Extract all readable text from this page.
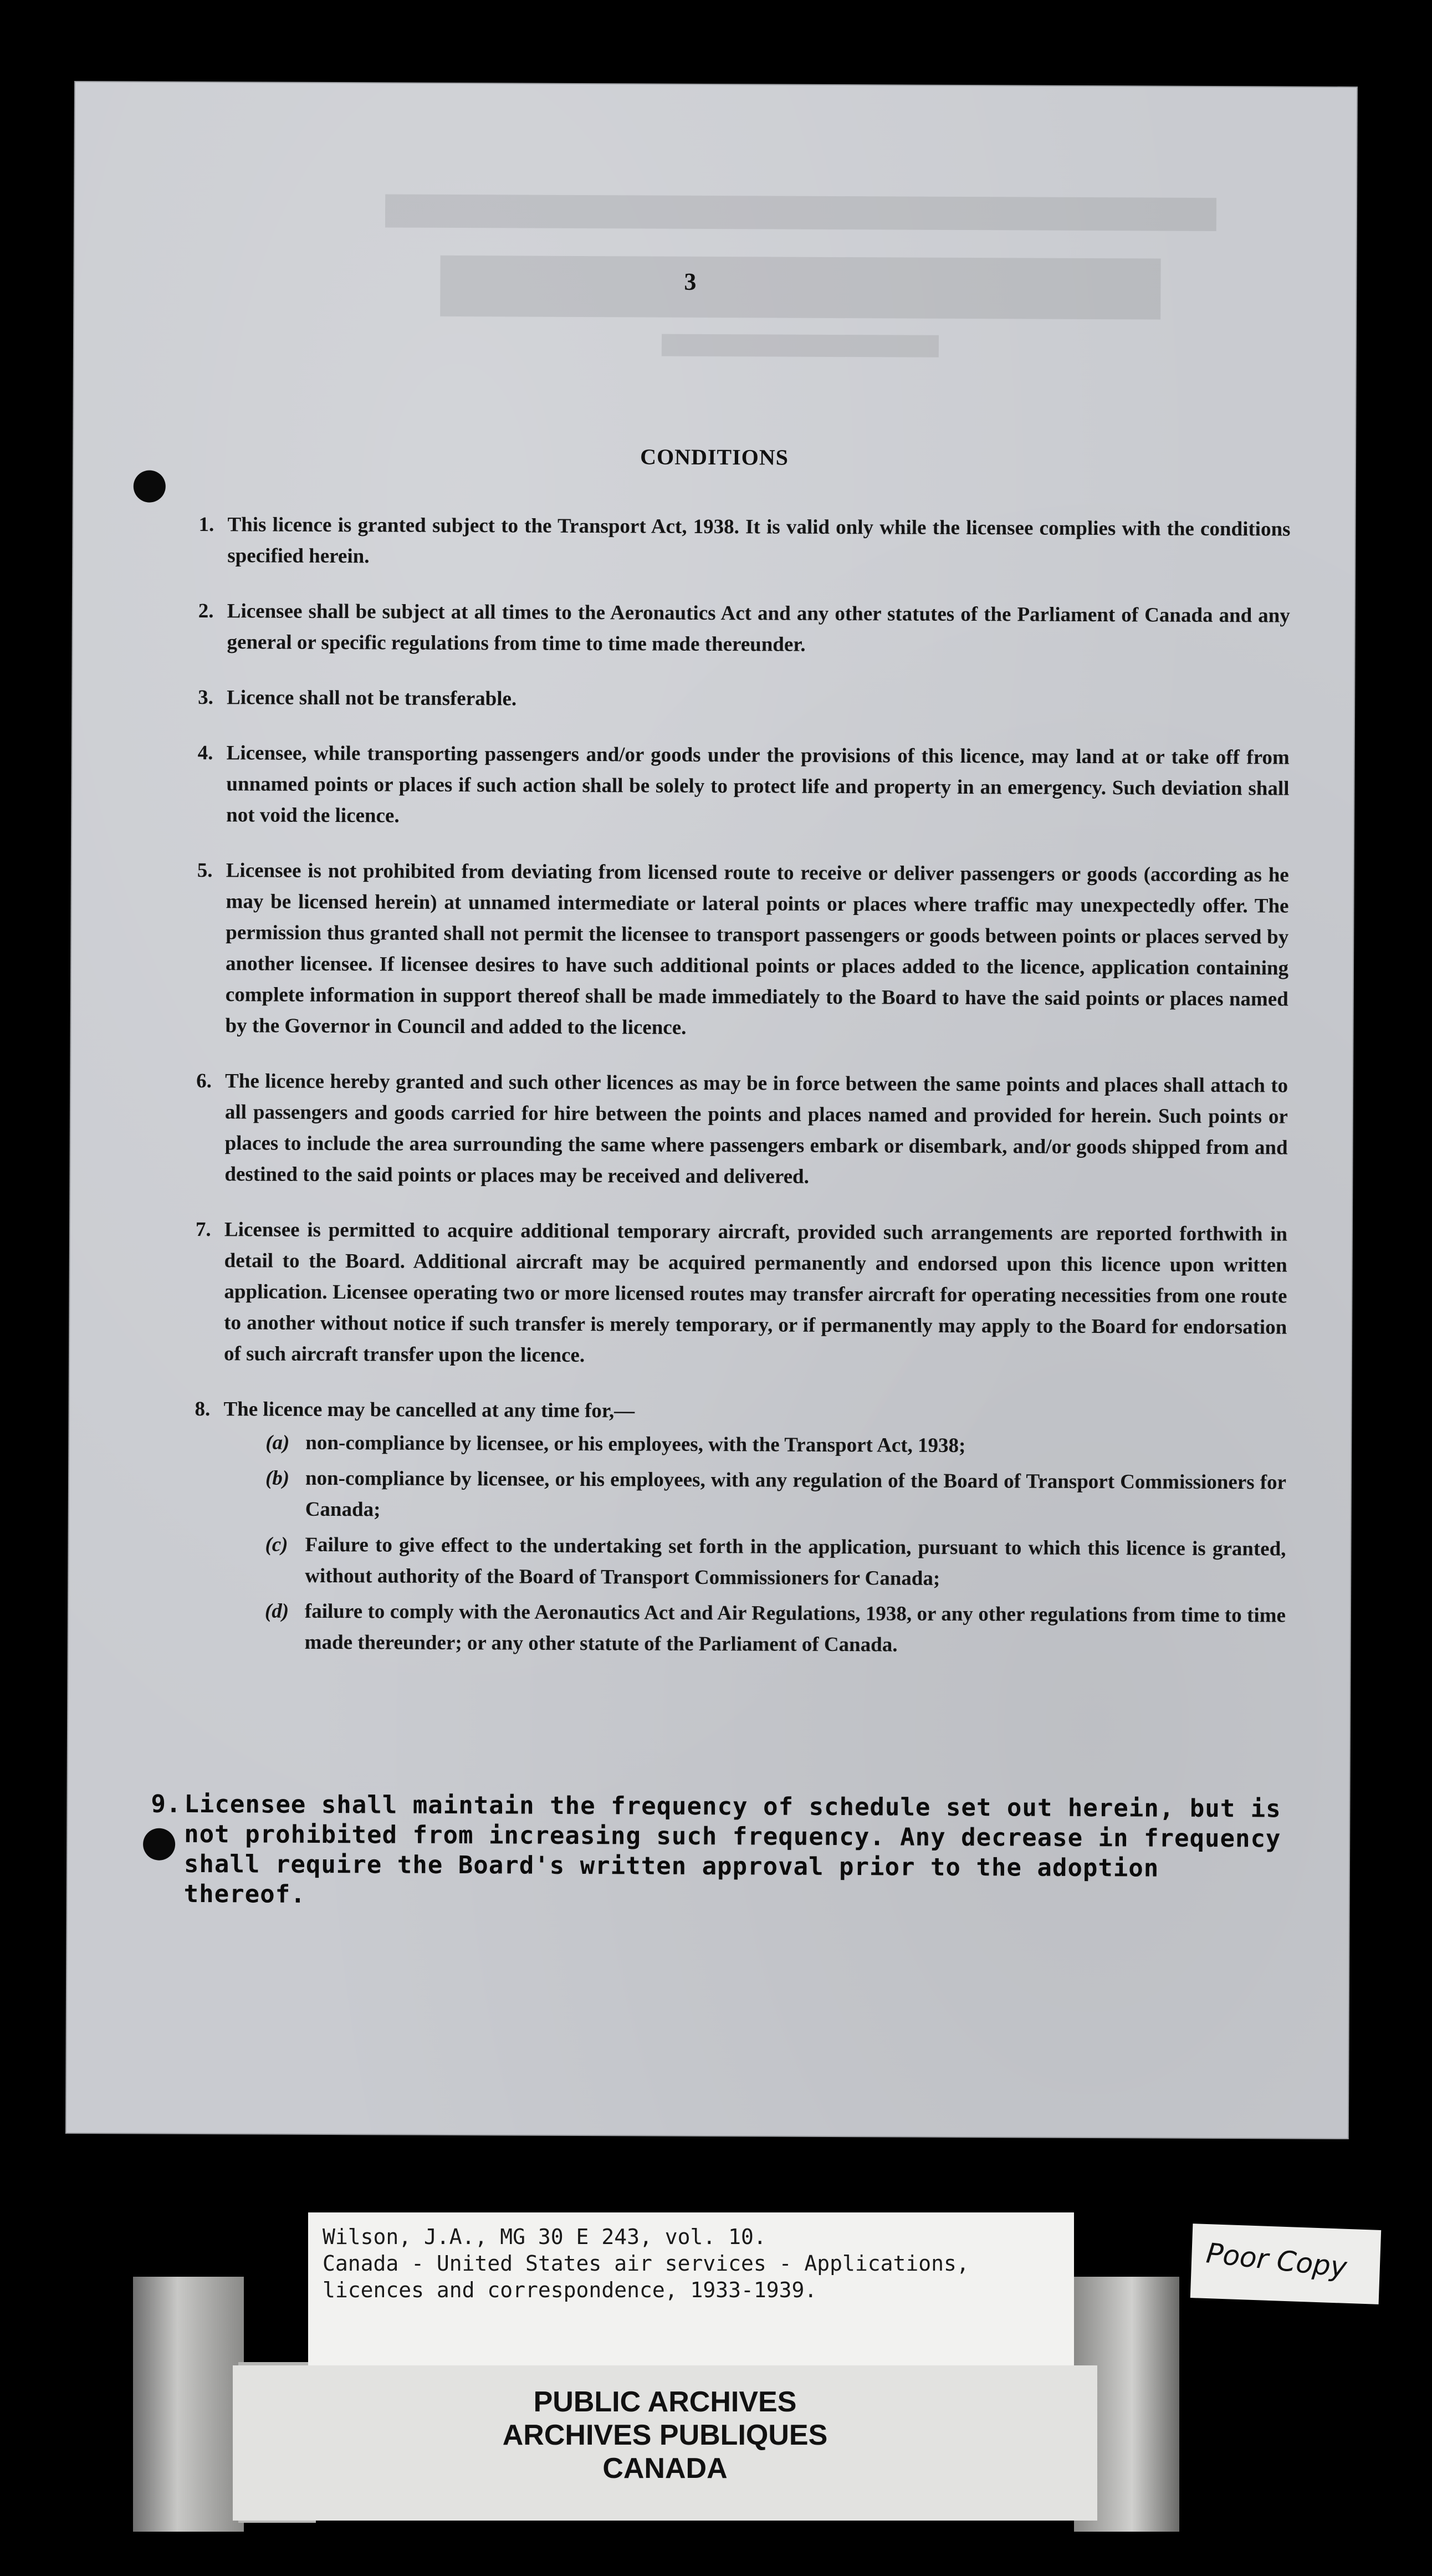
3
CONDITIONS
1. This licence is granted subject to the Transport Act, 1938. It is valid only while the licensee complies with the conditions specified herein.
2. Licensee shall be subject at all times to the Aeronautics Act and any other statutes of the Parliament of Canada and any general or specific regulations from time to time made thereunder.
3. Licence shall not be transferable.
4. Licensee, while transporting passengers and/or goods under the provisions of this licence, may land at or take off from unnamed points or places if such action shall be solely to protect life and property in an emergency. Such deviation shall not void the licence.
5. Licensee is not prohibited from deviating from licensed route to receive or deliver passengers or goods (according as he may be licensed herein) at unnamed intermediate or lateral points or places where traffic may unexpectedly offer. The permission thus granted shall not permit the licensee to transport passengers or goods between points or places served by another licensee. If licensee desires to have such additional points or places added to the licence, application containing complete information in support thereof shall be made immediately to the Board to have the said points or places named by the Governor in Council and added to the licence.
6. The licence hereby granted and such other licences as may be in force between the same points and places shall attach to all passengers and goods carried for hire between the points and places named and provided for herein. Such points or places to include the area surrounding the same where passengers embark or disembark, and/or goods shipped from and destined to the said points or places may be received and delivered.
7. Licensee is permitted to acquire additional temporary aircraft, provided such arrangements are reported forthwith in detail to the Board. Additional aircraft may be acquired permanently and endorsed upon this licence upon written application. Licensee operating two or more licensed routes may transfer aircraft for operating necessities from one route to another without notice if such transfer is merely temporary, or if permanently may apply to the Board for endorsation of such aircraft transfer upon the licence.
8. The licence may be cancelled at any time for,—
(a) non-compliance by licensee, or his employees, with the Transport Act, 1938;
(b) non-compliance by licensee, or his employees, with any regulation of the Board of Transport Commissioners for Canada;
(c) Failure to give effect to the undertaking set forth in the application, pursuant to which this licence is granted, without authority of the Board of Transport Commissioners for Canada;
(d) failure to comply with the Aeronautics Act and Air Regulations, 1938, or any other regulations from time to time made thereunder; or any other statute of the Parliament of Canada.
9. Licensee shall maintain the frequency of schedule set out herein, but is not prohibited from increasing such frequency. Any decrease in frequency shall require the Board's written approval prior to the adoption thereof.
Wilson, J.A., MG 30 E 243, vol. 10.
Canada - United States air services - Applications,
licences and correspondence, 1933-1939.
PUBLIC ARCHIVES
ARCHIVES PUBLIQUES
CANADA
Poor Copy
